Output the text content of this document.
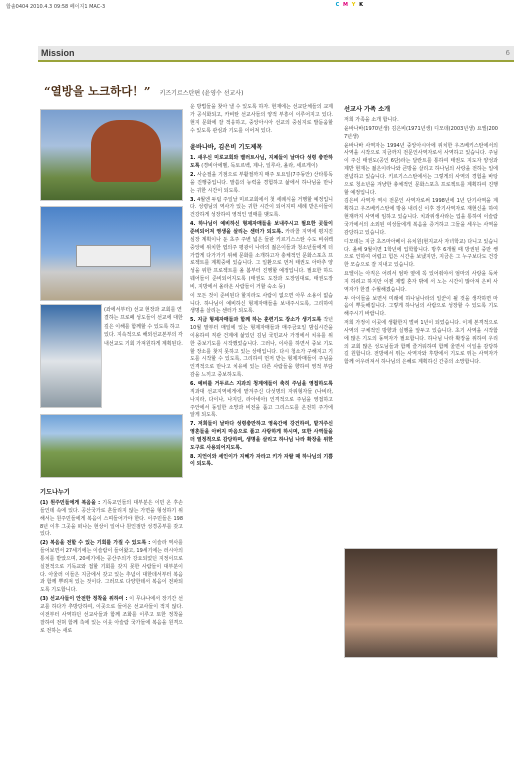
합솔0404 2010.4.3 09:58 페이지1 MAC-3	C M Y K
Mission	6
“열방을 노크하다！” 키즈기르스탄편 (윤영수 선교사)
(좌에서부터) 선교 현장과 교회를 연결하는 프로페 성도들이 선교에 대한 깊은 이해를 함께할 수 있도록 하고 있다. 지속적으로 해외선교본부의 각 내선교도 기회 가져원하게 계획된다.
기도나누기
(1) 원주민들에게 복음을 : 기독교인들의 대부분은 이민 온 후손들인데 속에 있다. 공산국가로 흔들리지 않는 가면을 형성하기 위해서는 원주민들에게 복음이 스며들어가야 한다. 이주민들은 1988년 이후 그곳을 떠나는 현상이 일어나 원인점만 성경공부를 갖고 있다.
(2) 복음을 전할 수 있는 기회를 가질 수 있도록 : 이슬라 역사를 들어보면서 27세기에는 이슬람이 들어왔고, 19세기에는 러시아의 통치를 받았으며, 20세기에는 공산주의가 강요되었던 지정이므로 실천적으로 기독교와 접할 기회를 갖지 못한 사람들이 대부분이다. 아울러 이들은 지금에서 갖고 있는 추념이 대한데서부터 복음과 함께 뿌려져 있는 것이다. 그러므로 다양한데서 복음이 전파되도록 기도합니다.
(3) 선교사들이 안전한 정착을 위하여 : 이 무냐나에서 장기간 선교를 하다가 추방당하여, 이곳으로 들어온 선교사들이 적지 않다. 이전부터 사역하던 선교사들과 함께 조화를 이루고 또한 정착을 잘하여 전혀 함께 측에 있는 이웃 아슬람 국가들에 복음을 원격으로 전하는 새로
운 방법들을 찾아 낼 수 있도록 하자. 현재에는 선교단체들의 교제가 공식화되고, 카비탄 선교사들의 양적 부흥이 이루어지고 있다. 현지 문화에 잘 적응하고, 중앙아시아 선교의 중심지로 발돋움할 수 있도록 관심과 기도를 이어져 있다.
윤바나바, 김은비 기도제목
1. 새우신 미로교회와 밸러트사님, 지체들이 날마다 성령 충만하도록 (경비아에벨, 독토르벡, 제나, 일루사, 올라, 세르게이)
2. 사순절을 기점으로 부활절까지 매주 토요일(7주동안) 산타통독을 진행중입니다. 말씀의 능력을 경험하고 삶에서 하나님을 만나는 귀한 시간이 되도록.
3. 4월엔 두팀 주일날 미르교회에서 첫 세례식을 거행할 예정입니다. 성령님의 역사가 있는 귀한 시간이 되어지며 세례 받은이들이 건강하게 성장하여 영적인 열매를 맺도록.
4. 하나님이 예비하신 형제자매들을 보내주시고 필요한 곳들이 준비되어져 영생을 살리는 센터가 되도록. 카라콜 지역에 평지진 심장 계획이나 둔 초주 주변 넓은 들판 키르기스스탄 수도 비쉬켁 중앙에 위치한 엽의주 평광이 나라의 젊은이들과 청소년들에게 더 가깝게 다가가기 위해 문화를 소개하고자 충체적인 문화스포츠 프로젝트를 계획중에 있습니다. 그 일환으로 먼저 태권도 아마추 양성을 위한 프로젝트를 올 봄부터 진행할 예정입니다. 필요한 하드웨어들이 준비되어지도록 (태권도 도장과 도장임대료, 태권도장비, 지방에서 올라온 사람들이 거할 숙소 등)
이 모든 것이 준비된다 할지라도 사람이 없으면 아무 소용이 없습니다. 하나님이 예비하신 형제자매들을 보내주시도록, 그리하여 생명을 살리는 센터가 되도록.
5. 지금 형제자매들과 함께 하는 훈련기도 장소가 생기도록 작년 10월 말부터 매일에 있는 형제자매들과 매주금요일 밤십시간을 이용하여 직관 건계에 삶있던 김님 국민교사 가정에서 치유를 위한 중보기도를 시작했었습니다. 그러나, 이사를 하면서 중보 기도할 장소를 찾지 못하고 있는 상태입니다. 다시 청소가 구해지고 기도를 시작할 수 있도록, 그리하여 먼저 받는 형제자매들이 주님을 인격적으로 만나고 치유에 있는 다른 사람들을 향하여 영적 부담감을 느끼고 중보하도록.
6. 예비를 거두르스 지과의 청계에들이 축히 주님을 영접하도록 직과대 선교지역에게에 맡겨주신 다섯명의 자위형자들 (나비라, 나지라, 다이나, 나지딘, 라아네아) 인격적으로 주님을 영접하고 주안에서 동일한 소망과 비전을 품고 그리스도를 온전히 주가에 알게 되도록.
7. 저희들이 날마다 성령충만하고 영육간에 강건하여, 맡겨주신 영혼들을 아버지 마음으로 품고 사랑하게 하시며, 또한 사역들을 더 열정적으로 감당하며, 생명을 살리고 하나님 나라 확장을 위한 도구로 사용되어지도록.
8. 지언이와 세인이가 지혜가 자라고 키가 자랄 때 하나님의 기쁨이 되도록.
선교사 가족 소개
저희 가족을 소개 합니다.
윤바나바(1970년생) 김은비(1971년생) 디모데(2003년생) 요엘(2007년생)
윤바나바 사역자는 1994년 중앙아시아에 위치한 우즈베키스탄에서의 사역을 시작으로 지금까지 전문인사역자로서 사역하고 있습니다. 주님이 주신 태권도(공인 6단)라는 달란트를 통하여 태권도 지도자 양성과 제반 현재는 젊은이라나와 큰방을 살리고 하나님의 사랑을 전하는 일에 전념하고 있습니다. 키르기스스탄에서는 그렇게의 사역의 경험을 바탕으로 청소년을 겨냥한 총체적인 문화스포츠 프로젝트를 계획하여 진행할 예정입니다.
김은비 사역자 역시 전문인 사역자로써 1998년에 1년 단기사역을 계획하고 우즈베키스탄에 방용 내리신 이후 장기사역자로 재현신을 하여 현재까지 사역에 임하고 있습니다. 치과위생사라는 업을 통하여 이슬람국가에서의 소외된 여성들에게 복음을 증거하고 그들을 세우는 사역을 감당하고 있습니다.
디모데는 지금 초즈마아베이 유치원(현지교사 자녀학교) 다니고 있습니다. 올해 9월이면 1학년에 입학합니다. 방후 6개월 때 방권된 중만 쌩으로 인하여 어렵고 힘든 시간을 보냈지만, 지금은 그 누구보다도 건강한 모습으로 잘 지내고 있습니다.
요엘이는 아직은 어려서 엄마 옆에 꼭 있어줘야서 엄마의 사랑을 독차지 하려고 하지만 이젠 제법 혼자 밖에 서 노는 시간이 많아져 은비 사역자가 한결 수월해졌습니다.
두 아이들을 보면서 미래에 하나님나라의 일꾼이 될 것을 생각하면 마음이 뿌듯해집니다. 그렇게 하나님의 사람으로 성장할 수 있도록 기도해주시기 바랍니다.
저희 가정이 이곳에 생활한지 벌써 1년이 되었습니다. 이제 본격적으로 사역의 구체적인 방향과 실행을 앞두고 있습니다. 초기 사역을 시작함에 많은 기도의 동역자가 필요합니다. 하나님 나라 확장을 위하여 우리의 교회 많은 성도님들과 함께 즐거워하며 함께 울면서 이일을 감당하길 원합니다. 전방에서 뛰는 사역자와 후방에서 기도로 뛰는 사역자가 함께 어우러져서 하나님의 은혜로 계획하신 간증의 소망합니다.
